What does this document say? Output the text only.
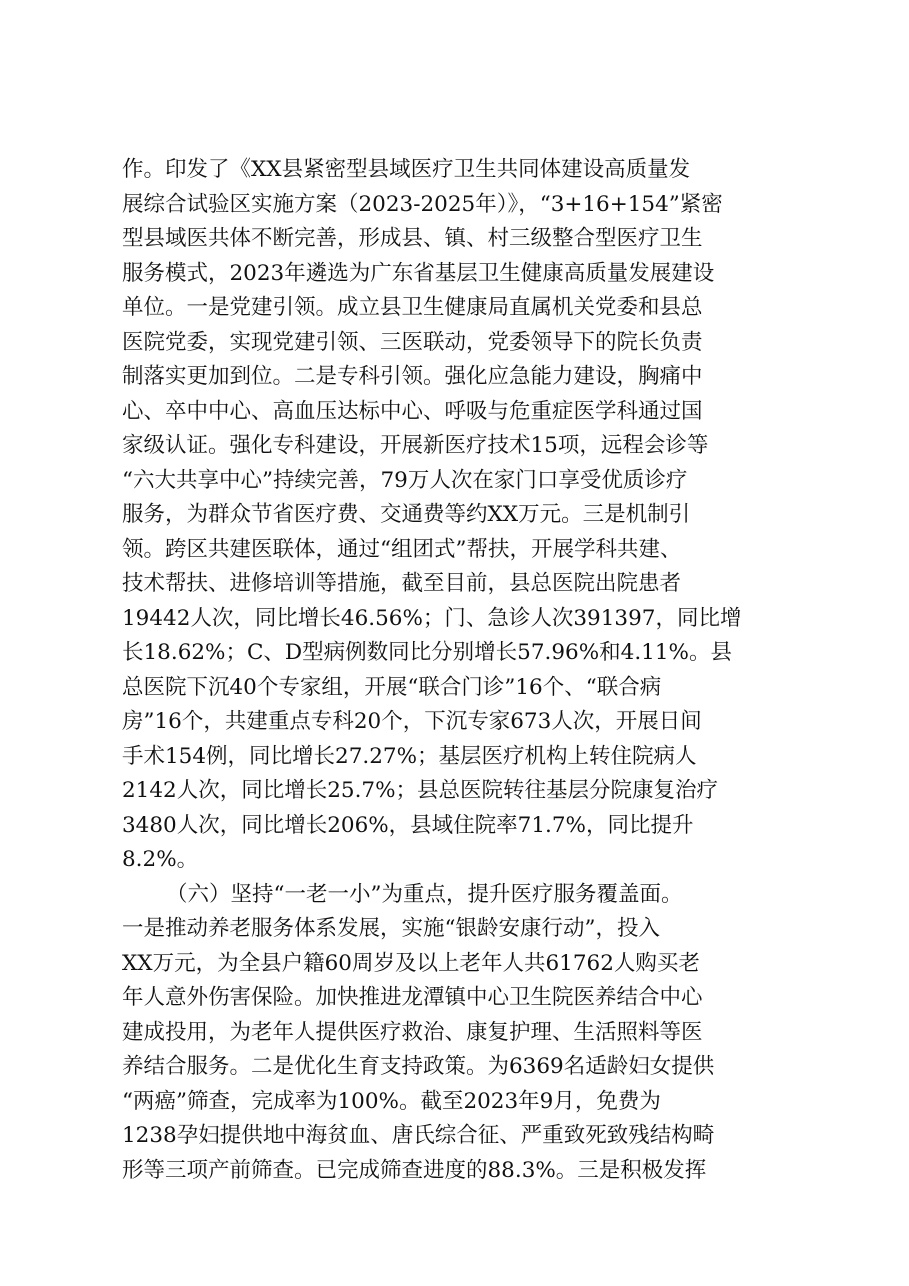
作。印发了《XX县紧密型县域医疗卫生共同体建设高质量发
展综合试验区实施方案（2023-2025年）》，“3+16+154”紧密
型县域医共体不断完善，形成县、镇、村三级整合型医疗卫生
服务模式，2023年遴选为广东省基层卫生健康高质量发展建设
单位。一是党建引领。成立县卫生健康局直属机关党委和县总
医院党委，实现党建引领、三医联动，党委领导下的院长负责
制落实更加到位。二是专科引领。强化应急能力建设，胸痛中
心、卒中中心、高血压达标中心、呼吸与危重症医学科通过国
家级认证。强化专科建设，开展新医疗技术15项，远程会诊等
“六大共享中心”持续完善，79万人次在家门口享受优质诊疗
服务，为群众节省医疗费、交通费等约XX万元。三是机制引
领。跨区共建医联体，通过“组团式”帮扶，开展学科共建、
技术帮扶、进修培训等措施，截至目前，县总医院出院患者
19442人次，同比增长46.56%；门、急诊人次391397，同比增
长18.62%；C、D型病例数同比分别增长57.96%和4.11%。县
总医院下沉40个专家组，开展“联合门诊”16个、“联合病
房”16个，共建重点专科20个，下沉专家673人次，开展日间
手术154例，同比增长27.27%；基层医疗机构上转住院病人
2142人次，同比增长25.7%；县总医院转往基层分院康复治疗
3480人次，同比增长206%，县域住院率71.7%，同比提升
8.2%。
（六）坚持“一老一小”为重点，提升医疗服务覆盖面。
一是推动养老服务体系发展，实施“银龄安康行动”，投入
XX万元，为全县户籍60周岁及以上老年人共61762人购买老
年人意外伤害保险。加快推进龙潭镇中心卫生院医养结合中心
建成投用，为老年人提供医疗救治、康复护理、生活照料等医
养结合服务。二是优化生育支持政策。为6369名适龄妇女提供
“两癌”筛查，完成率为100%。截至2023年9月，免费为
1238孕妇提供地中海贫血、唐氏综合征、严重致死致残结构畸
形等三项产前筛查。已完成筛查进度的88.3%。三是积极发挥
